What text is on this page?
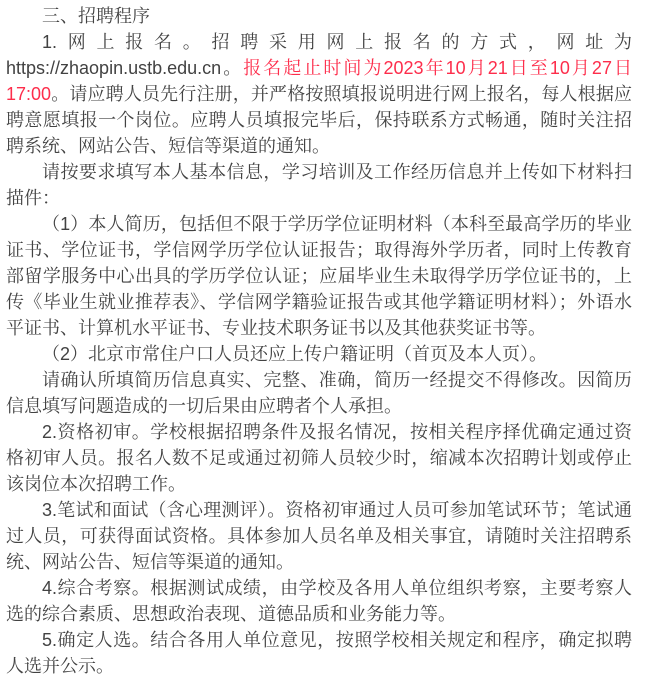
三、招聘程序

1.网上报名。招聘采用网上报名的方式，网址为https://zhaopin.ustb.edu.cn。报名起止时间为2023年10月21日至10月27日17:00。请应聘人员先行注册，并严格按照填报说明进行网上报名，每人根据应聘意愿填报一个岗位。应聘人员填报完毕后，保持联系方式畅通，随时关注招聘系统、网站公告、短信等渠道的通知。

请按要求填写本人基本信息，学习培训及工作经历信息并上传如下材料扫描件：

（1）本人简历，包括但不限于学历学位证明材料（本科至最高学历的毕业证书、学位证书，学信网学历学位认证报告；取得海外学历者，同时上传教育部留学服务中心出具的学历学位认证；应届毕业生未取得学历学位证书的，上传《毕业生就业推荐表》、学信网学籍验证报告或其他学籍证明材料）；外语水平证书、计算机水平证书、专业技术职务证书以及其他获奖证书等。

（2）北京市常住户口人员还应上传户籍证明（首页及本人页）。

请确认所填简历信息真实、完整、准确，简历一经提交不得修改。因简历信息填写问题造成的一切后果由应聘者个人承担。

2.资格初审。学校根据招聘条件及报名情况，按相关程序择优确定通过资格初审人员。报名人数不足或通过初筛人员较少时，缩减本次招聘计划或停止该岗位本次招聘工作。

3.笔试和面试（含心理测评）。资格初审通过人员可参加笔试环节；笔试通过人员，可获得面试资格。具体参加人员名单及相关事宜，请随时关注招聘系统、网站公告、短信等渠道的通知。

4.综合考察。根据测试成绩，由学校及各用人单位组织考察，主要考察人选的综合素质、思想政治表现、道德品质和业务能力等。

5.确定人选。结合各用人单位意见，按照学校相关规定和程序，确定拟聘人选并公示。
